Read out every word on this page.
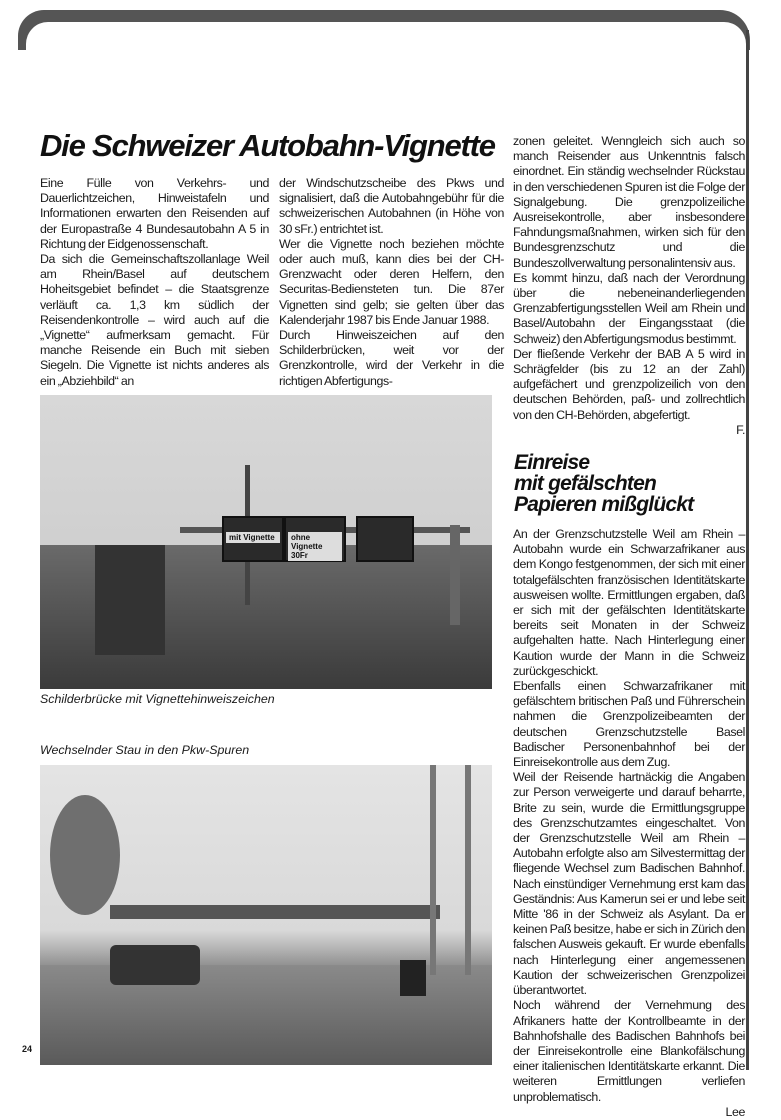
Die Schweizer Autobahn-Vignette

Eine Fülle von Verkehrs- und Dauerlichtzeichen, Hinweistafeln und Informationen erwarten den Reisenden auf der Europastraße 4 Bundesautobahn A 5 in Richtung der Eidgenossenschaft.

Da sich die Gemeinschaftszollanlage Weil am Rhein/Basel auf deutschem Hoheitsgebiet befindet – die Staatsgrenze verläuft ca. 1,3 km südlich der Reisendenkontrolle – wird auch auf die „Vignette“ aufmerksam gemacht. Für manche Reisende ein Buch mit sieben Siegeln. Die Vignette ist nichts anderes als ein „Abziehbild“ an

der Windschutzscheibe des Pkws und signalisiert, daß die Autobahngebühr für die schweizerischen Autobahnen (in Höhe von 30 sFr.) entrichtet ist.

Wer die Vignette noch beziehen möchte oder auch muß, kann dies bei der CH-Grenzwacht oder deren Helfern, den Securitas-Bediensteten tun. Die 87er Vignetten sind gelb; sie gelten über das Kalenderjahr 1987 bis Ende Januar 1988.

Durch Hinweiszeichen auf den Schilderbrücken, weit vor der Grenzkontrolle, wird der Verkehr in die richtigen Abfertigungs-

zonen geleitet. Wenngleich sich auch so manch Reisender aus Unkenntnis falsch einordnet. Ein ständig wechselnder Rückstau in den verschiedenen Spuren ist die Folge der Signalgebung. Die grenzpolizeiliche Ausreisekontrolle, aber insbesondere Fahndungsmaßnahmen, wirken sich für den Bundesgrenzschutz und die Bundeszollverwaltung personalintensiv aus.

Es kommt hinzu, daß nach der Verordnung über die nebeneinanderliegenden Grenzabfertigungsstellen Weil am Rhein und Basel/Autobahn der Eingangsstaat (die Schweiz) den Abfertigungsmodus bestimmt.

Der fließende Verkehr der BAB A 5 wird in Schrägfelder (bis zu 12 an der Zahl) aufgefächert und grenzpolizeilich von den deutschen Behörden, paß- und zollrechtlich von den CH-Behörden, abgefertigt.

F.

Einreise
mit gefälschten
Papieren mißglückt

An der Grenzschutzstelle Weil am Rhein – Autobahn wurde ein Schwarzafrikaner aus dem Kongo festgenommen, der sich mit einer totalgefälschten französischen Identitätskarte ausweisen wollte. Ermittlungen ergaben, daß er sich mit der gefälschten Identitätskarte bereits seit Monaten in der Schweiz aufgehalten hatte. Nach Hinterlegung einer Kaution wurde der Mann in die Schweiz zurückgeschickt.

Ebenfalls einen Schwarzafrikaner mit gefälschtem britischen Paß und Führerschein nahmen die Grenzpolizeibeamten der deutschen Grenzschutzstelle Basel Badischer Personenbahnhof bei der Einreisekontrolle aus dem Zug.

Weil der Reisende hartnäckig die Angaben zur Person verweigerte und darauf beharrte, Brite zu sein, wurde die Ermittlungsgruppe des Grenzschutzamtes eingeschaltet. Von der Grenzschutzstelle Weil am Rhein – Autobahn erfolgte also am Silvestermittag der fliegende Wechsel zum Badischen Bahnhof. Nach einstündiger Vernehmung erst kam das Geständnis: Aus Kamerun sei er und lebe seit Mitte '86 in der Schweiz als Asylant. Da er keinen Paß besitze, habe er sich in Zürich den falschen Ausweis gekauft. Er wurde ebenfalls nach Hinterlegung einer angemessenen Kaution der schweizerischen Grenzpolizei überantwortet.

Noch während der Vernehmung des Afrikaners hatte der Kontrollbeamte in der Bahnhofshalle des Badischen Bahnhofs bei der Einreisekontrolle eine Blankofälschung einer italienischen Identitätskarte erkannt. Die weiteren Ermittlungen verliefen unproblematisch.

Lee

mit Vignette	ohne Vignette 30Fr
Schilderbrücke mit Vignettehinweiszeichen
Wechselnder Stau in den Pkw-Spuren
24
